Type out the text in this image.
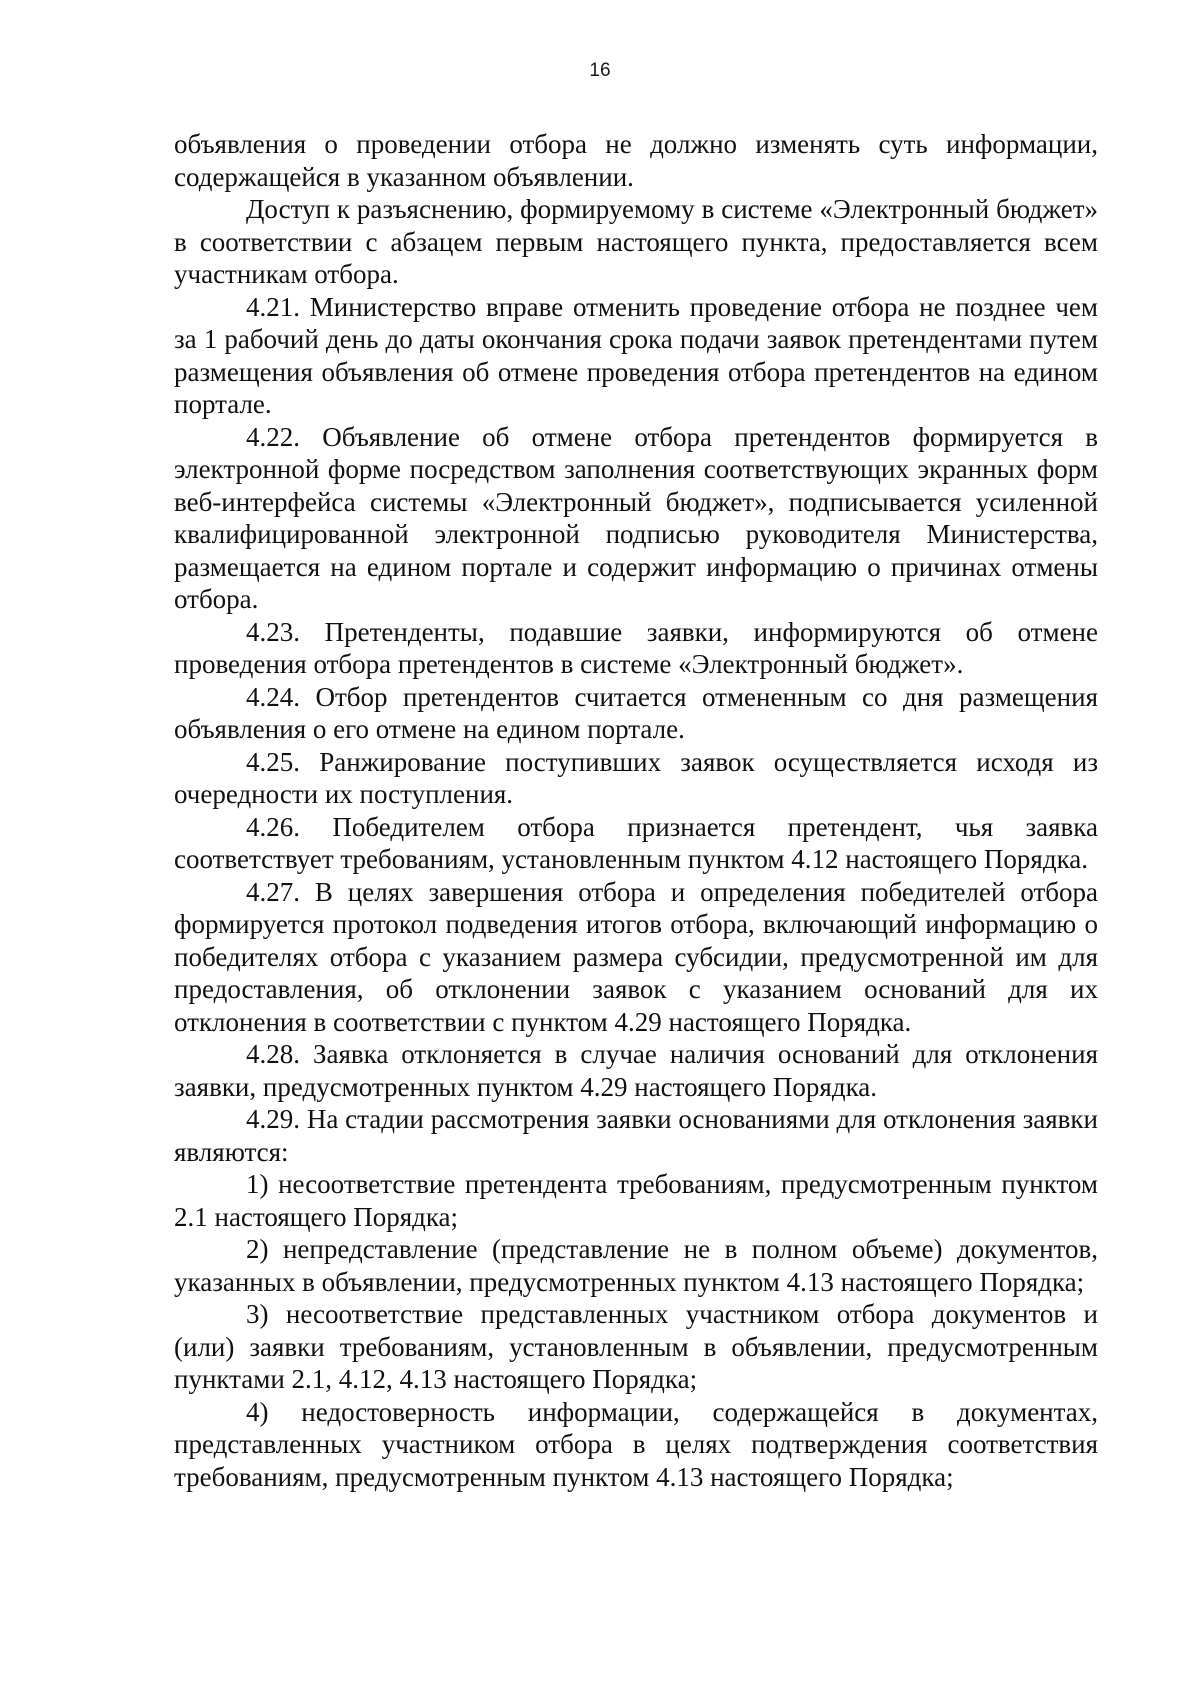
16

объявления о проведении отбора не должно изменять суть информации, содержащейся в указанном объявлении.

Доступ к разъяснению, формируемому в системе «Электронный бюджет» в соответствии с абзацем первым настоящего пункта, предоставляется всем участникам отбора.

4.21. Министерство вправе отменить проведение отбора не позднее чем за 1 рабочий день до даты окончания срока подачи заявок претендентами путем размещения объявления об отмене проведения отбора претендентов на едином портале.

4.22. Объявление об отмене отбора претендентов формируется в электронной форме посредством заполнения соответствующих экранных форм веб-интерфейса системы «Электронный бюджет», подписывается усиленной квалифицированной электронной подписью руководителя Министерства, размещается на едином портале и содержит информацию о причинах отмены отбора.

4.23. Претенденты, подавшие заявки, информируются об отмене проведения отбора претендентов в системе «Электронный бюджет».

4.24. Отбор претендентов считается отмененным со дня размещения объявления о его отмене на едином портале.

4.25. Ранжирование поступивших заявок осуществляется исходя из очередности их поступления.

4.26. Победителем отбора признается претендент, чья заявка соответствует требованиям, установленным пунктом 4.12 настоящего Порядка.

4.27. В целях завершения отбора и определения победителей отбора формируется протокол подведения итогов отбора, включающий информацию о победителях отбора с указанием размера субсидии, предусмотренной им для предоставления, об отклонении заявок с указанием оснований для их отклонения в соответствии с пунктом 4.29 настоящего Порядка.

4.28. Заявка отклоняется в случае наличия оснований для отклонения заявки, предусмотренных пунктом 4.29 настоящего Порядка.

4.29. На стадии рассмотрения заявки основаниями для отклонения заявки являются:

1) несоответствие претендента требованиям, предусмотренным пунктом 2.1 настоящего Порядка;

2) непредставление (представление не в полном объеме) документов, указанных в объявлении, предусмотренных пунктом 4.13 настоящего Порядка;

3) несоответствие представленных участником отбора документов и (или) заявки требованиям, установленным в объявлении, предусмотренным пунктами 2.1, 4.12, 4.13 настоящего Порядка;

4) недостоверность информации, содержащейся в документах, представленных участником отбора в целях подтверждения соответствия требованиям, предусмотренным пунктом 4.13 настоящего Порядка;
